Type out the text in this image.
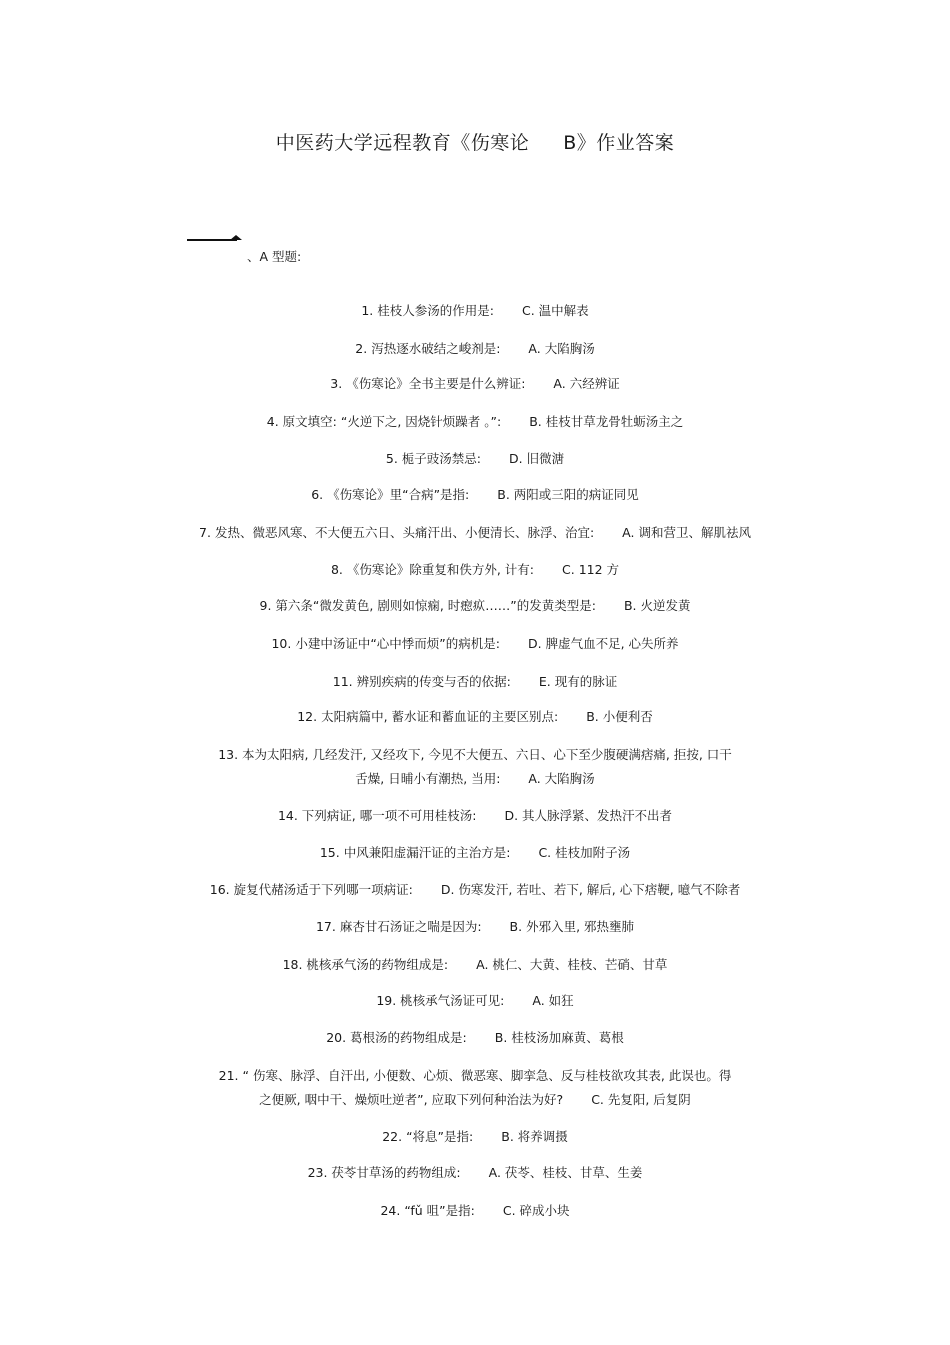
中医药大学远程教育《伤寒论 B》作业答案
、A 型题:
1. 桂枝人参汤的作用是: C. 温中解表
2. 泻热逐水破结之峻剂是: A. 大陷胸汤
3. 《伤寒论》全书主要是什么辨证: A. 六经辨证
4. 原文填空: “火逆下之, 因烧针烦躁者 。”: B. 桂枝甘草龙骨牡蛎汤主之
5. 栀子豉汤禁忌: D. 旧微溏
6. 《伤寒论》里“合病”是指: B. 两阳或三阳的病证同见
7. 发热、微恶风寒、不大便五六日、头痛汗出、小便清长、脉浮、治宜: A. 调和营卫、解肌祛风
8. 《伤寒论》除重复和佚方外, 计有: C. 112 方
9. 第六条“微发黄色, 剧则如惊痫, 时瘛疭……”的发黄类型是: B. 火逆发黄
10. 小建中汤证中“心中悸而烦”的病机是: D. 脾虚气血不足, 心失所养
11. 辨别疾病的传变与否的依据: E. 现有的脉证
12. 太阳病篇中, 蓄水证和蓄血证的主要区别点: B. 小便利否
13. 本为太阳病, 几经发汗, 又经攻下, 今见不大便五、六日、心下至少腹硬满痞痛, 拒按, 口干
舌燥, 日晡小有潮热, 当用: A. 大陷胸汤
14. 下列病证, 哪一项不可用桂枝汤: D. 其人脉浮紧、发热汗不出者
15. 中风兼阳虚漏汗证的主治方是: C. 桂枝加附子汤
16. 旋复代赭汤适于下列哪一项病证: D. 伤寒发汗, 若吐、若下, 解后, 心下痞鞕, 噫气不除者
17. 麻杏甘石汤证之喘是因为: B. 外邪入里, 邪热壅肺
18. 桃核承气汤的药物组成是: A. 桃仁、大黄、桂枝、芒硝、甘草
19. 桃核承气汤证可见: A. 如狂
20. 葛根汤的药物组成是: B. 桂枝汤加麻黄、葛根
21. “ 伤寒、脉浮、自汗出, 小便数、心烦、微恶寒、脚挛急、反与桂枝欲攻其表, 此误也。得
之便厥, 咽中干、燥烦吐逆者”, 应取下列何种治法为好? C. 先复阳, 后复阴
22. “将息”是指: B. 将养调摄
23. 茯苓甘草汤的药物组成: A. 茯苓、桂枝、甘草、生姜
24. “fǔ 咀”是指: C. 碎成小块
